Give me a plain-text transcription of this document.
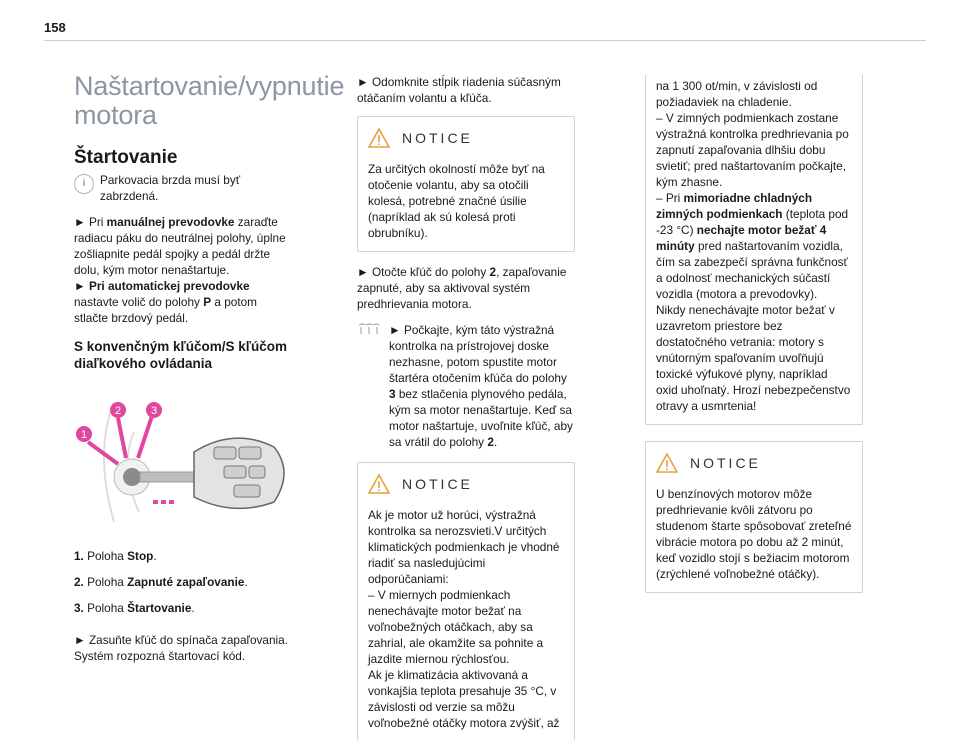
158
Naštartovanie/vypnutie motora
Štartovanie
i	Parkovacia brzda musí byť zabrzdená.

► Pri manuálnej prevodovke zaraďte radiacu páku do neutrálnej polohy, úplne zošliapnite pedál spojky a pedál držte dolu, kým motor nenaštartuje.
► Pri automatickej prevodovke nastavte volič do polohy P a potom stlačte brzdový pedál.

S konvenčným kľúčom/S kľúčom diaľkového ovládania
1
2	3

1. Poloha Stop.

2. Poloha Zapnuté zapaľovanie.

3. Poloha Štartovanie.

► Zasuňte kľúč do spínača zapaľovania. Systém rozpozná štartovací kód.

► Odomknite stĺpik riadenia súčasným otáčaním volantu a kľúča.

NOTICE

Za určitých okolností môže byť na otočenie volantu, aby sa otočili kolesá, potrebné značné úsilie (napríklad ak sú kolesá proti obrubníku).

► Otočte kľúč do polohy 2, zapaľovanie zapnuté, aby sa aktivoval systém predhrievania motora.

► Počkajte, kým táto výstražná kontrolka na prístrojovej doske nezhasne, potom spustite motor štartéra otočením kľúča do polohy 3 bez stlačenia plynového pedála, kým sa motor nenaštartuje. Keď sa motor naštartuje, uvoľnite kľúč, aby sa vrátil do polohy 2.
NOTICE

Ak je motor už horúci, výstražná kontrolka sa nerozsvieti.V určitých klimatických podmienkach je vhodné riadiť sa nasledujúcimi odporúčaniami:
– V miernych podmienkach nenechávajte motor bežať na voľnobežných otáčkach, aby sa zahrial, ale okamžite sa pohnite a jazdite miernou rýchlosťou.
Ak je klimatizácia aktivovaná a vonkajšia teplota presahuje 35 °C, v závislosti od verzie sa môžu voľnobežné otáčky motora zvýšiť, až

na 1 300 ot/min, v závislosti od požiadaviek na chladenie.
– V zimných podmienkach zostane výstražná kontrolka predhrievania po zapnutí zapaľovania dlhšiu dobu svietiť; pred naštartovaním počkajte, kým zhasne.
– Pri mimoriadne chladných zimných podmienkach (teplota pod -23 °C) nechajte motor bežať 4 minúty pred naštartovaním vozidla, čím sa zabezpečí správna funkčnosť a odolnosť mechanických súčastí vozidla (motora a prevodovky).
Nikdy nenechávajte motor bežať v uzavretom priestore bez dostatočného vetrania: motory s vnútorným spaľovaním uvoľňujú toxické výfukové plyny, napríklad oxid uhoľnatý. Hrozí nebezpečenstvo otravy a usmrtenia!

NOTICE

U benzínových motorov môže predhrievanie kvôli zátvoru po studenom štarte spôsobovať zreteľné vibrácie motora po dobu až 2 minút, keď vozidlo stojí s bežiacim motorom (zrýchlené voľnobežné otáčky).
